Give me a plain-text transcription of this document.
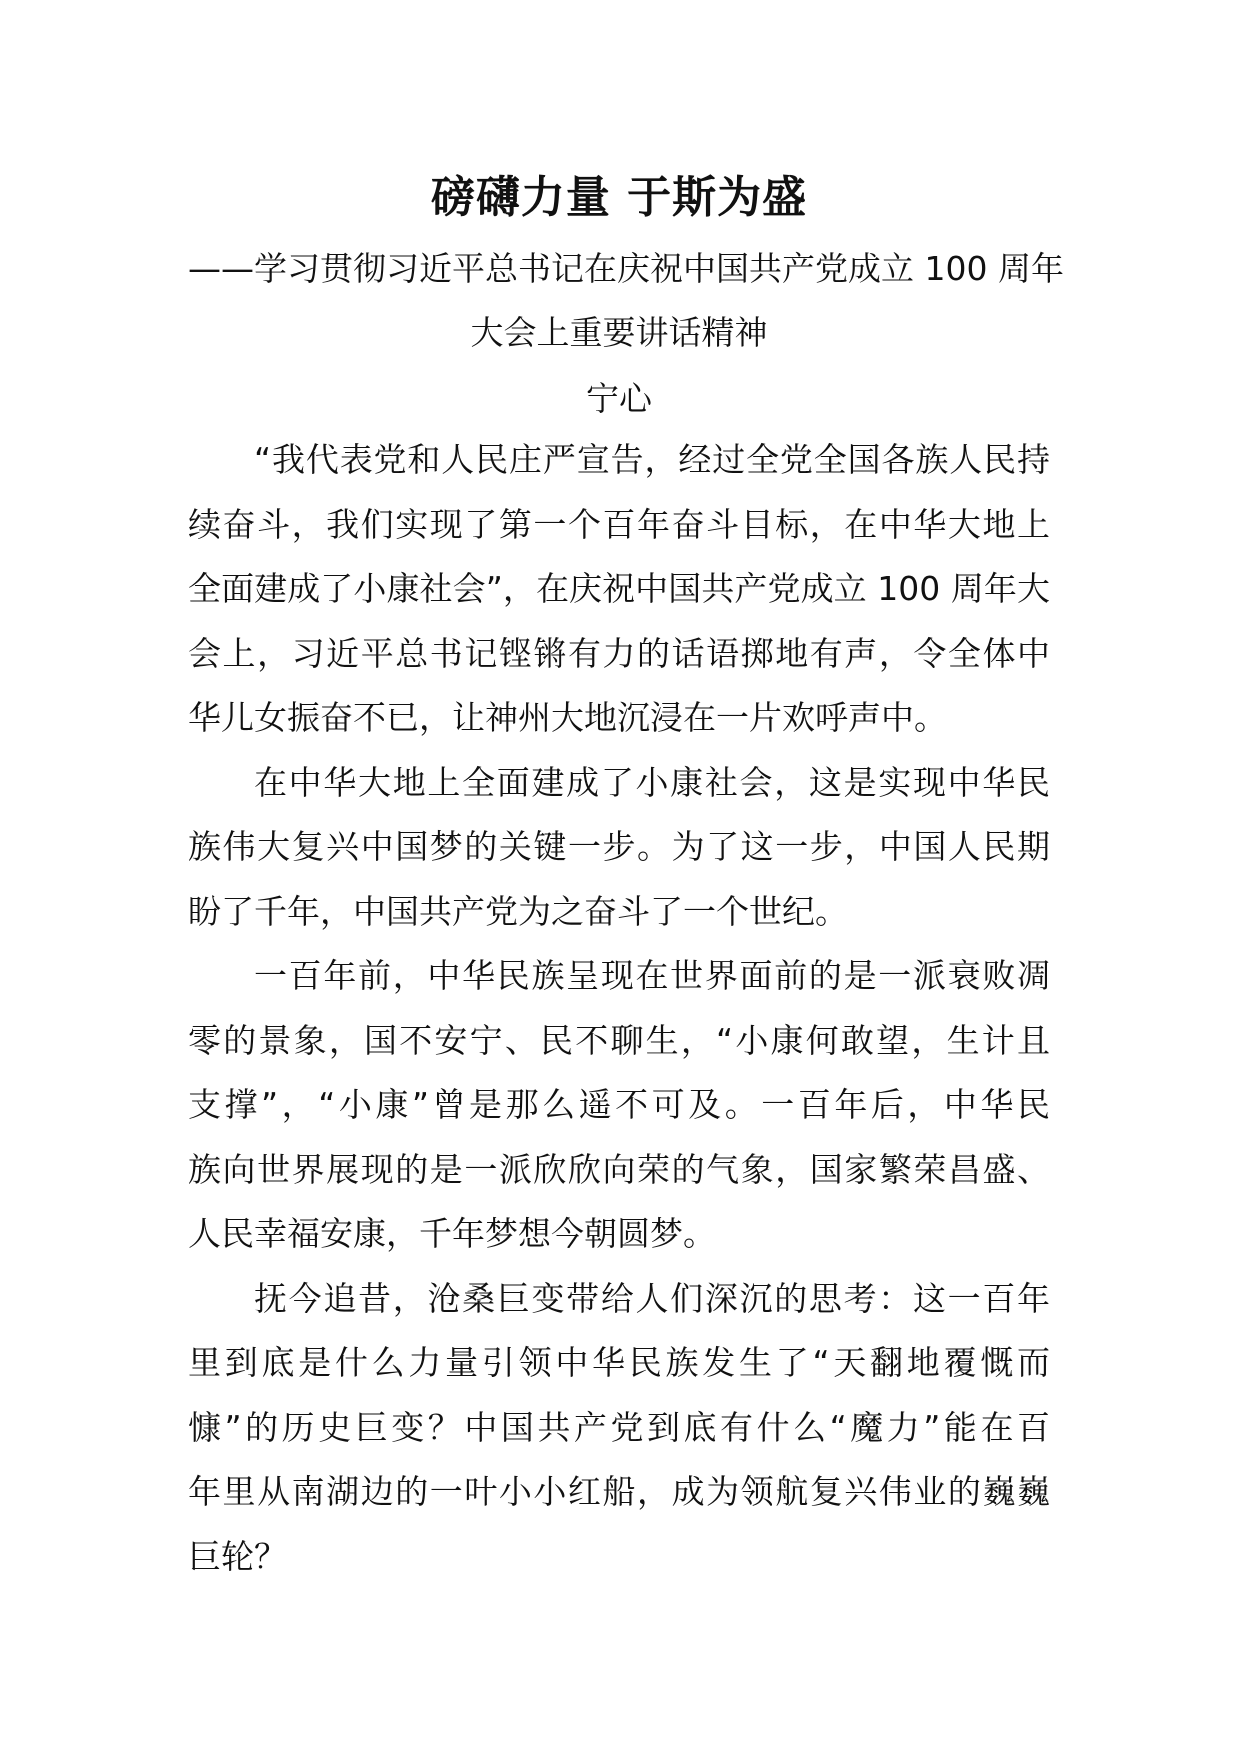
磅礴力量 于斯为盛
——学习贯彻习近平总书记在庆祝中国共产党成立 100 周年
大会上重要讲话精神
宁心

“我代表党和人民庄严宣告，经过全党全国各族人民持
续奋斗，我们实现了第一个百年奋斗目标，在中华大地上
全面建成了小康社会”，在庆祝中国共产党成立 100 周年大
会上，习近平总书记铿锵有力的话语掷地有声，令全体中
华儿女振奋不已，让神州大地沉浸在一片欢呼声中。

在中华大地上全面建成了小康社会，这是实现中华民
族伟大复兴中国梦的关键一步。为了这一步，中国人民期
盼了千年，中国共产党为之奋斗了一个世纪。

一百年前，中华民族呈现在世界面前的是一派衰败凋
零的景象，国不安宁、民不聊生，“小康何敢望，生计且
支撑”，“小康”曾是那么遥不可及。一百年后，中华民
族向世界展现的是一派欣欣向荣的气象，国家繁荣昌盛、
人民幸福安康，千年梦想今朝圆梦。

抚今追昔，沧桑巨变带给人们深沉的思考：这一百年
里到底是什么力量引领中华民族发生了“天翻地覆慨而
慷”的历史巨变？中国共产党到底有什么“魔力”能在百
年里从南湖边的一叶小小红船，成为领航复兴伟业的巍巍
巨轮？
